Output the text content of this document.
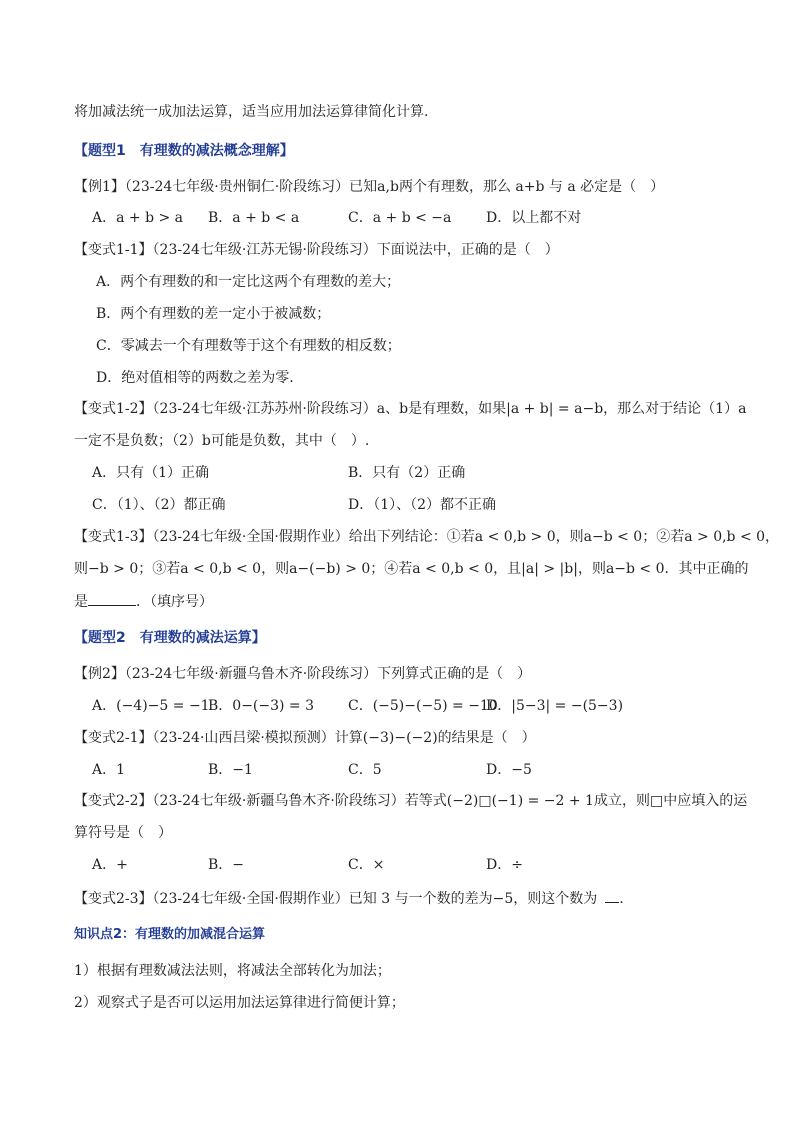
将加减法统一成加法运算，适当应用加法运算律简化计算.
【题型1　有理数的减法概念理解】
【例1】（23-24七年级·贵州铜仁·阶段练习）已知a,b两个有理数，那么 a+b 与 a 必定是（　）
A．a + b > a B．a + b < a	C．a + b < −a D．以上都不对
【变式1-1】（23-24七年级·江苏无锡·阶段练习）下面说法中，正确的是（　）
A．两个有理数的和一定比这两个有理数的差大；
B．两个有理数的差一定小于被减数；
C．零减去一个有理数等于这个有理数的相反数；
D．绝对值相等的两数之差为零.
【变式1-2】（23-24七年级·江苏苏州·阶段练习）a、b是有理数，如果|a + b| = a−b，那么对于结论（1）a
一定不是负数；（2）b可能是负数，其中（　）.
A．只有（1）正确	B．只有（2）正确
C．（1）、（2）都正确	D．（1）、（2）都不正确
【变式1-3】（23-24七年级·全国·假期作业）给出下列结论：①若a < 0,b > 0，则a−b < 0；②若a > 0,b < 0，
则−b > 0；③若a < 0,b < 0，则a−(−b) > 0；④若a < 0,b < 0，且|a| > |b|，则a−b < 0．其中正确的
是	．（填序号）
【题型2　有理数的减法运算】
【例2】（23-24七年级·新疆乌鲁木齐·阶段练习）下列算式正确的是（　）
A．(−4)−5 = −1
B．0−(−3) = 3 C．(−5)−(−5) = −10
D．|5−3| = −(5−3)
【变式2-1】（23-24·山西吕梁·模拟预测）计算(−3)−(−2)的结果是（　）
A．1	B．−1	C．5	D．−5
【变式2-2】（23-24七年级·新疆乌鲁木齐·阶段练习）若等式(−2)□(−1) = −2 + 1成立，则□中应填入的运
算符号是（　）
A．+	B．−	C．×	D．÷
【变式2-3】（23-24七年级·全国·假期作业）已知 3 与一个数的差为−5，则这个数为 .
知识点2：有理数的加减混合运算
1）根据有理数减法法则，将减法全部转化为加法；
2）观察式子是否可以运用加法运算律进行简便计算；
